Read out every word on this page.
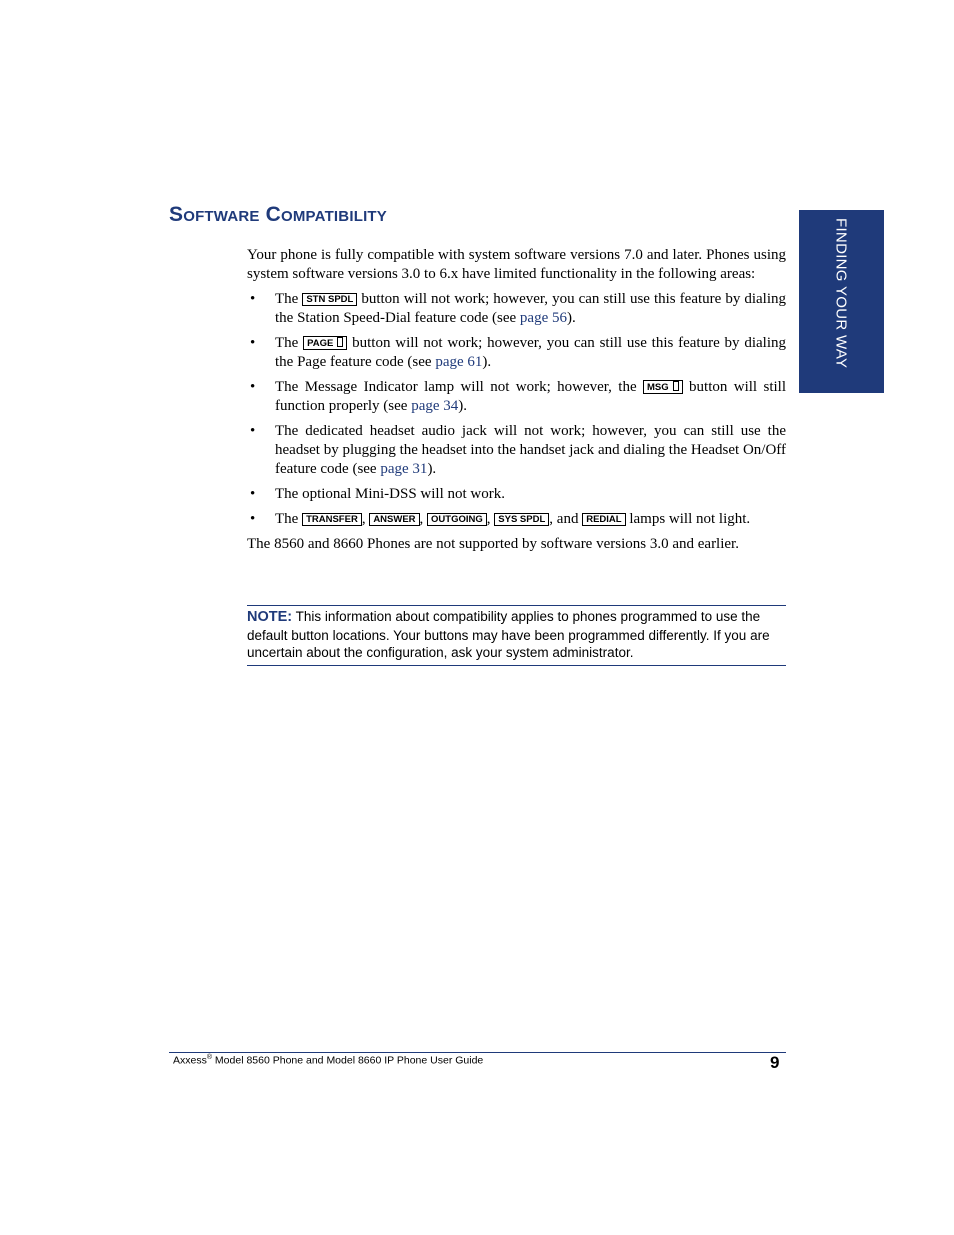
FINDING YOUR WAY
Software Compatibility

Your phone is fully compatible with system software versions 7.0 and later. Phones using system software versions 3.0 to 6.x have limited functionality in the following areas:

• The STN SPDL button will not work; however, you can still use this feature by dialing the Station Speed-Dial feature code (see page 56).
• The PAGE button will not work; however, you can still use this feature by dialing the Page feature code (see page 61).
• The Message Indicator lamp will not work; however, the MSG button will still function properly (see page 34).
• The dedicated headset audio jack will not work; however, you can still use the headset by plugging the headset into the handset jack and dialing the Headset On/Off feature code (see page 31).
• The optional Mini-DSS will not work.
• The TRANSFER , ANSWER , OUTGOING , SYS SPDL , and REDIAL lamps will not light.

The 8560 and 8660 Phones are not supported by software versions 3.0 and earlier.

NOTE: This information about compatibility applies to phones programmed to use the default button locations. Your buttons may have been programmed differently. If you are uncertain about the configuration, ask your system administrator.
Axxess® Model 8560 Phone and Model 8660 IP Phone User Guide	9
